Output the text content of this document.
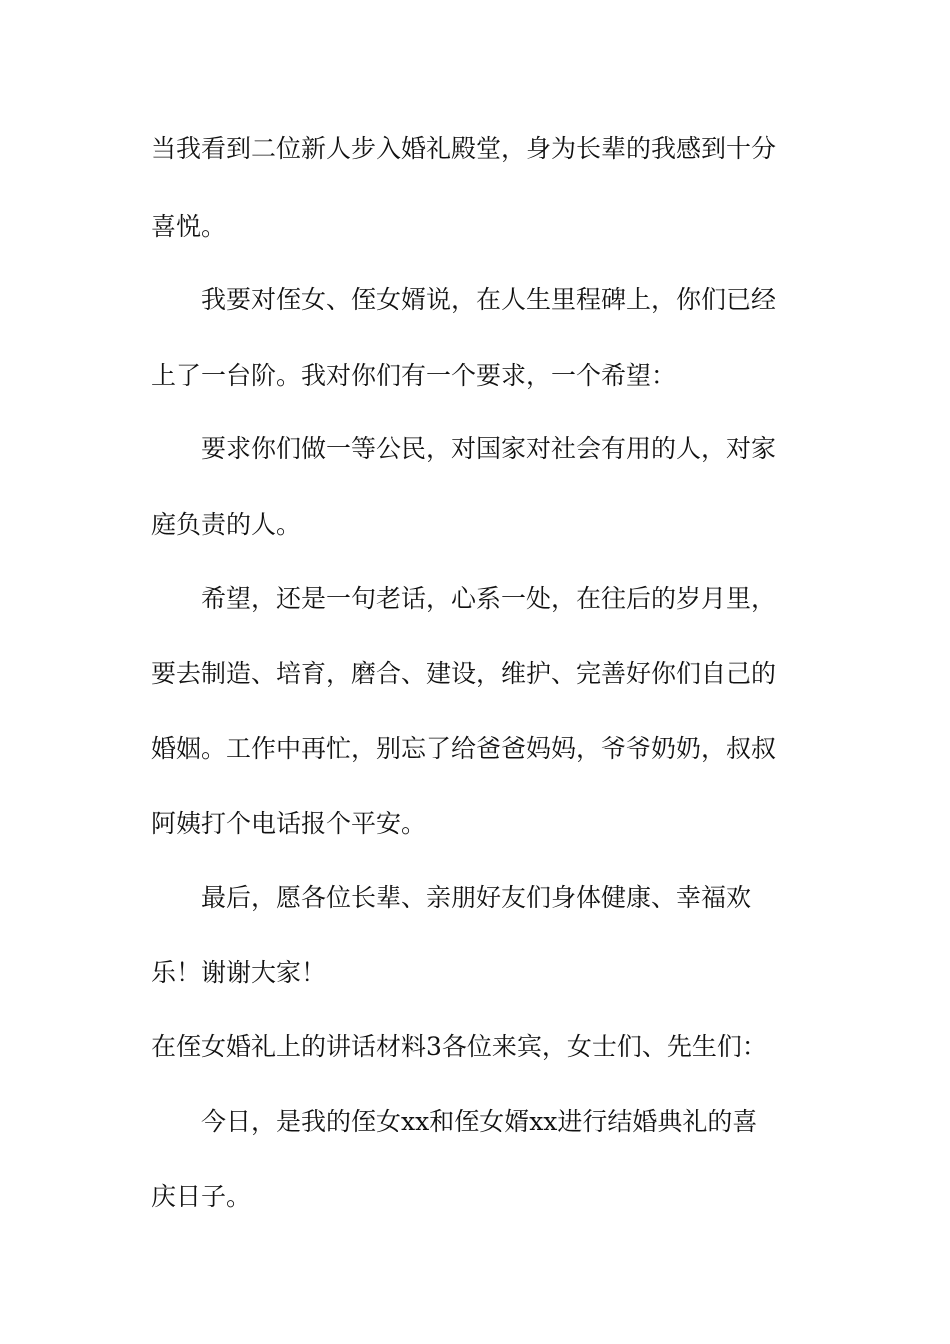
当我看到二位新人步入婚礼殿堂，身为长辈的我感到十分
喜悦。
我要对侄女、侄女婿说，在人生里程碑上，你们已经
上了一台阶。我对你们有一个要求，一个希望：
要求你们做一等公民，对国家对社会有用的人，对家
庭负责的人。
希望，还是一句老话，心系一处，在往后的岁月里，
要去制造、培育，磨合、建设，维护、完善好你们自己的
婚姻。工作中再忙，别忘了给爸爸妈妈，爷爷奶奶，叔叔
阿姨打个电话报个平安。
最后，愿各位长辈、亲朋好友们身体健康、幸福欢
乐！谢谢大家！
在侄女婚礼上的讲话材料3各位来宾，女士们、先生们：
今日，是我的侄女xx和侄女婿xx进行结婚典礼的喜
庆日子。
